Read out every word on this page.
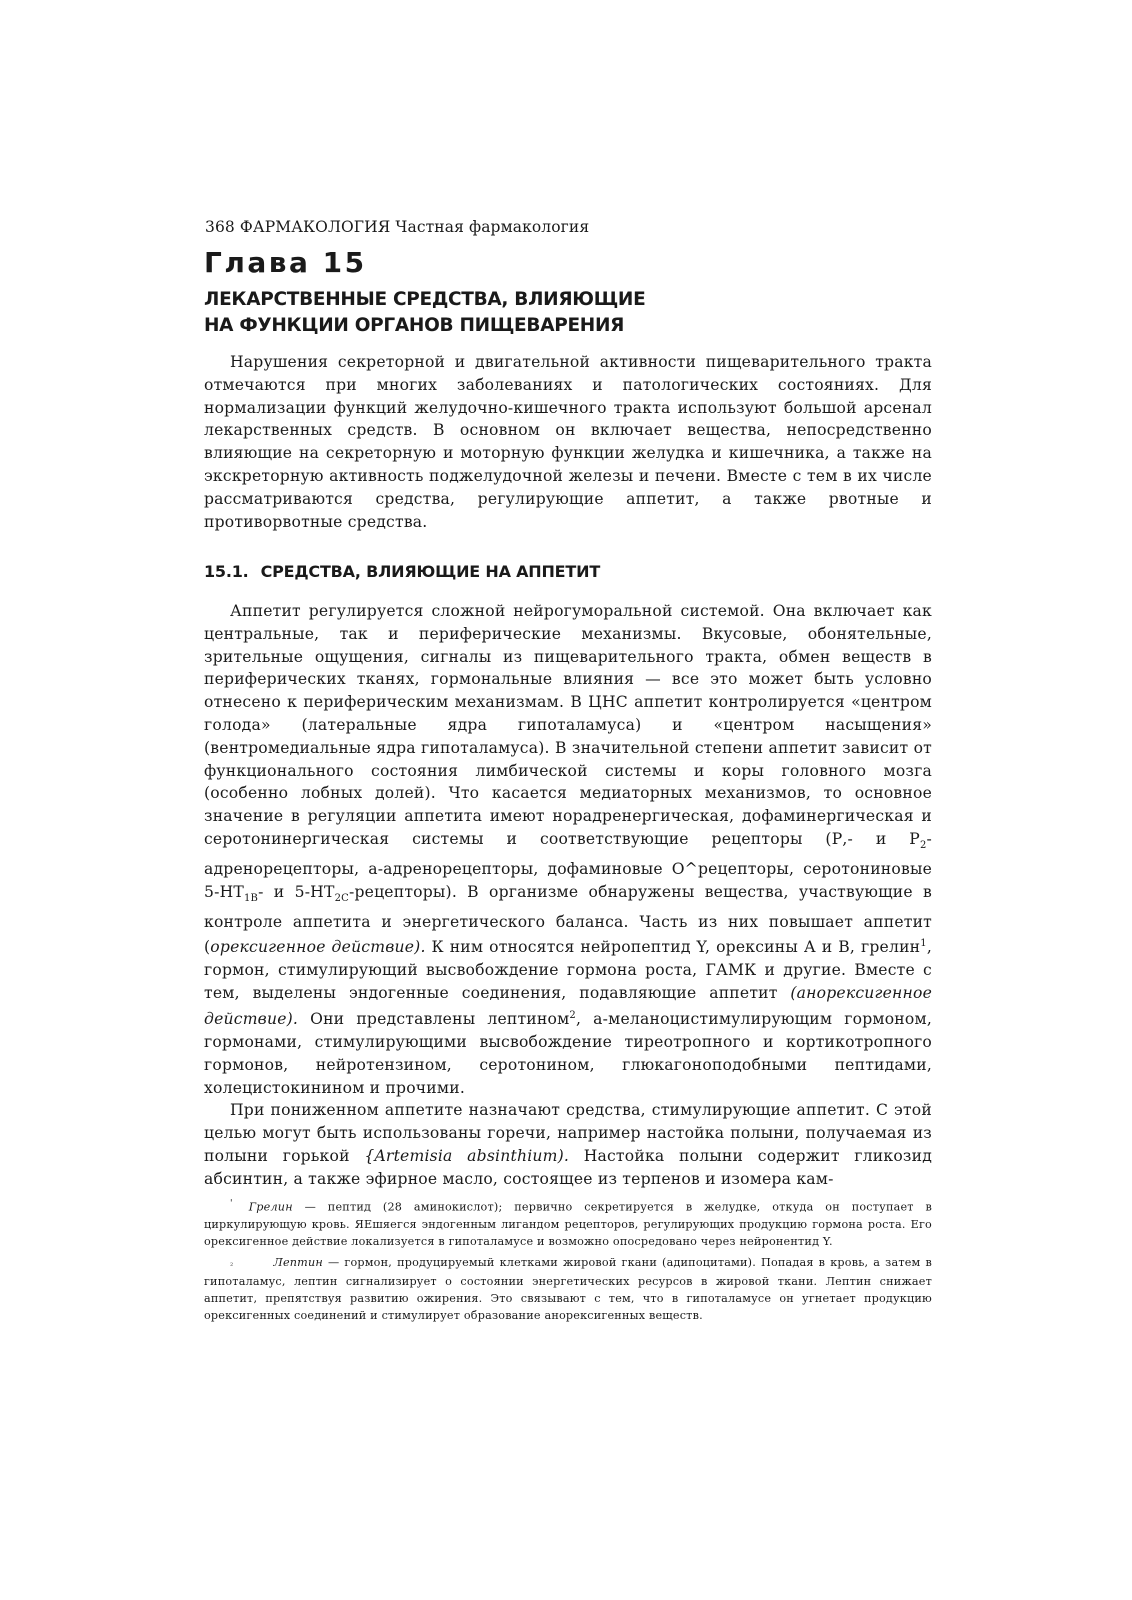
368 ФАРМАКОЛОГИЯ Частная фармакология
Глава 15
ЛЕКАРСТВЕННЫЕ СРЕДСТВА, ВЛИЯЮЩИЕ
НА ФУНКЦИИ ОРГАНОВ ПИЩЕВАРЕНИЯ

Нарушения секреторной и двигательной активности пищеварительного тракта отмечаются при многих заболеваниях и патологических состояниях. Для нормализации функций желудочно-кишечного тракта используют большой арсенал лекарственных средств. В основном он включает вещества, непосредственно влияющие на секреторную и моторную функции желудка и кишечника, а также на экскреторную активность поджелудочной железы и печени. Вместе с тем в их числе рассматриваются средства, регулирующие аппетит, а также рвотные и противорвотные средства.

15.1. СРЕДСТВА, ВЛИЯЮЩИЕ НА АППЕТИТ

Аппетит регулируется сложной нейрогуморальной системой. Она включает как центральные, так и периферические механизмы. Вкусовые, обонятельные, зрительные ощущения, сигналы из пищеварительного тракта, обмен веществ в периферических тканях, гормональные влияния — все это может быть условно отнесено к периферическим механизмам. В ЦНС аппетит контролируется «центром голода» (латеральные ядра гипоталамуса) и «центром насыщения» (вентромедиальные ядра гипоталамуса). В значительной степени аппетит зависит от функционального состояния лимбической системы и коры головного мозга (особенно лобных долей). Что касается медиаторных механизмов, то основное значение в регуляции аппетита имеют норадренергическая, дофаминергическая и серотонинергическая системы и соответствующие рецепторы (Р,- и $Р_2$-адренорецепторы, а-адренорецепторы, дофаминовые О^рецепторы, серотониновые $5-НТ_{1В}-$ и $5-НТ_{2С}-рецепторы$). В организме обнаружены вещества, участвующие в контроле аппетита и энергетического баланса. Часть из них повышает аппетит (орексигенное действие). К ним относятся нейропептид Y, орексины А и В, грелин$^1$, гормон, стимулирующий высвобождение гормона роста, ГАМК и другие. Вместе с тем, выделены эндогенные соединения, подавляющие аппетит (анорексигенное действие). Они представлены лептином$^2$, а-меланоцистимулирующим гормоном, гормонами, стимулирующими высвобождение тиреотропного и кортикотропного гормонов, нейротензином, серотонином, глюкагоноподобными пептидами, холецистокинином и прочими.

При пониженном аппетите назначают средства, стимулирующие аппетит. С этой целью могут быть использованы горечи, например настойка полыни, получаемая из полыни горькой {Artemisia absinthium). Настойка полыни содержит гликозид абсинтин, а также эфирное масло, состоящее из терпенов и изомера кам-

' Грелин — пептид (28 аминокислот); первично секретируется в желудке, откуда он поступает в циркулирующую кровь. ЯЕшяегся эндогенным лигандом рецепторов, регулирующих продукцию гормона роста. Его орексигенное действие локализуется в гипоталамусе и возможно опосредовано через нейронентид Y.

₂	Лептин — гормон, продуцируемый клетками жировой гкани (адипоцитами). Попадая в кровь, а затем в гипоталамус, лептин сигнализирует о состоянии энергетических ресурсов в жировой ткани. Лептин снижает аппетит, препятствуя развитию ожирения. Это связывают с тем, что в гипоталамусе он угнетает продукцию орексигенных соединений и стимулирует образование анорексигенных веществ.
